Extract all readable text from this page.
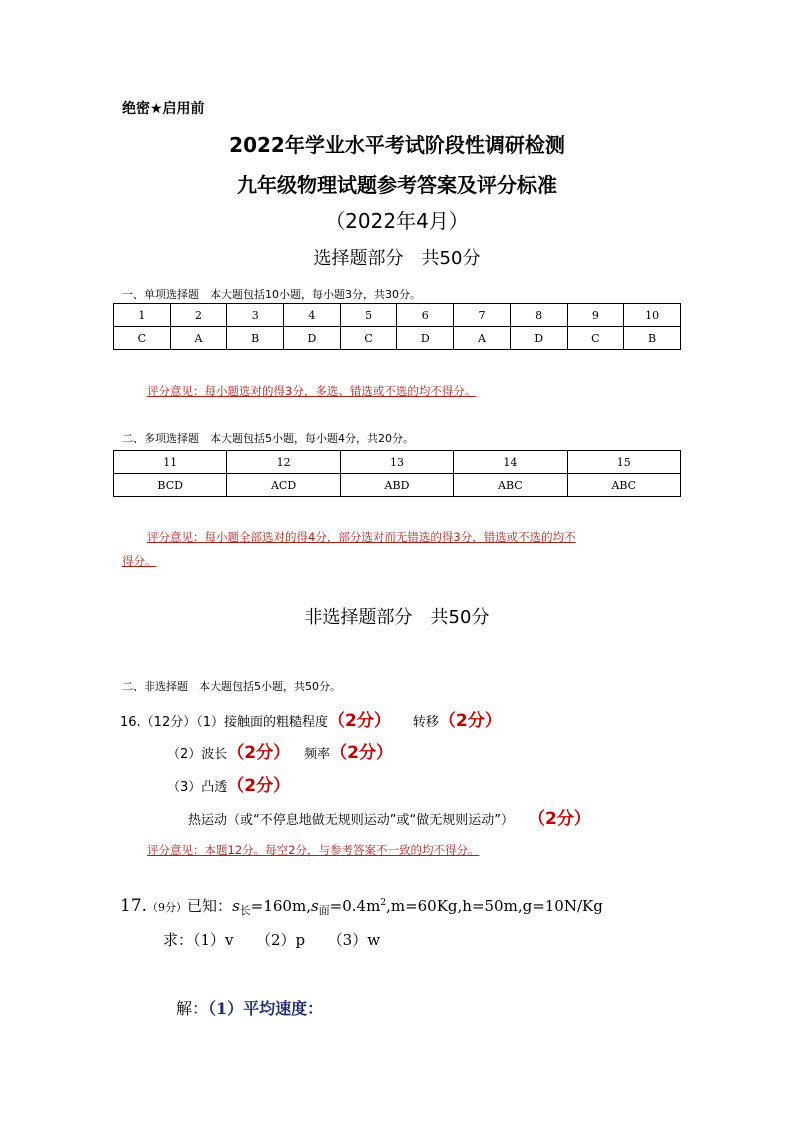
绝密★启用前
2022年学业水平考试阶段性调研检测
九年级物理试题参考答案及评分标准
（2022年4月）
选择题部分　共50分
一、单项选择题　本大题包括10小题，每小题3分，共30分。
1	2	3	4	5	6	7	8	9	10
C	A	B	D	C	D	A	D	C	B
评分意见：每小题选对的得3分，多选、错选或不选的均不得分。
二、多项选择题　本大题包括5小题，每小题4分，共20分。
11	12	13	14	15
BCD	ACD	ABD	ABC	ABC
评分意见：每小题全部选对的得4分，部分选对而无错选的得3分，错选或不选的均不
得分。
非选择题部分　共50分
二、非选择题　本大题包括5小题，共50分。
16.（12分）（1）接触面的粗糙程度（2分） 转移（2分）
（2）波长（2分） 频率（2分）
（3）凸透（2分）
热运动（或“不停息地做无规则运动”或“做无规则运动”） （2分）
评分意见：本题12分。每空2分，与参考答案不一致的均不得分。
17.（9分）已知：$s_长=160m,s_面=0.4m^2,m=60Kg,h=50m,g=10N/Kg$
求：（1）v　　（2）p　　（3）w
解：（1）平均速度：
